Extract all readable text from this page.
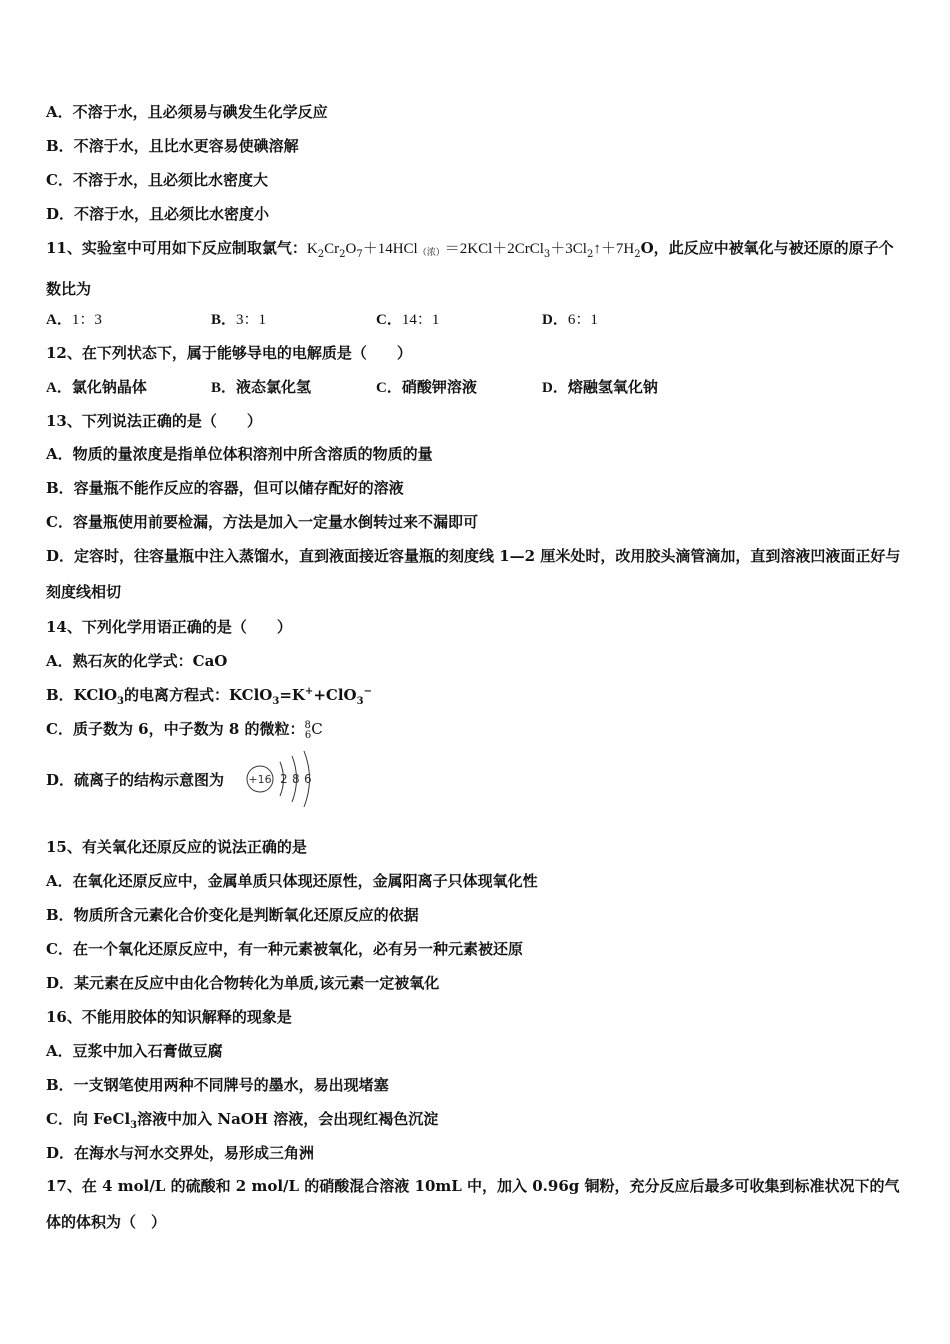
A．不溶于水，且必须易与碘发生化学反应
B．不溶于水，且比水更容易使碘溶解
C．不溶于水，且必须比水密度大
D．不溶于水，且必须比水密度小
11、实验室中可用如下反应制取氯气：$K_2Cr_2O_7+14HCl$（浓）$=2KCl+2CrCl_3+3Cl_2↑+7H_2O$，此反应中被氧化与被还原的原子个数比为
A．1：3	B．3：1	C．14：1	D．6：1
12、在下列状态下，属于能够导电的电解质是（　　）
A．氯化钠晶体	B．液态氯化氢	C．硝酸钾溶液	D．熔融氢氧化钠
13、下列说法正确的是（　　）
A．物质的量浓度是指单位体积溶剂中所含溶质的物质的量
B．容量瓶不能作反应的容器，但可以储存配好的溶液
C．容量瓶使用前要检漏，方法是加入一定量水倒转过来不漏即可
D．定容时，往容量瓶中注入蒸馏水，直到液面接近容量瓶的刻度线 1—2 厘米处时，改用胶头滴管滴加，直到溶液凹液面正好与刻度线相切
14、下列化学用语正确的是（　　）
A．熟石灰的化学式：CaO
B．KClO$_3$的电离方程式：KClO$_3$=K++ClO$_3$−
C．质子数为 6，中子数为 8 的微粒：$^8_6$C
D．硫离子的结构示意图为 +16 2 8 6
15、有关氧化还原反应的说法正确的是
A．在氧化还原反应中，金属单质只体现还原性，金属阳离子只体现氧化性
B．物质所含元素化合价变化是判断氧化还原反应的依据
C．在一个氧化还原反应中，有一种元素被氧化，必有另一种元素被还原
D．某元素在反应中由化合物转化为单质,该元素一定被氧化
16、不能用胶体的知识解释的现象是
A．豆浆中加入石膏做豆腐
B．一支钢笔使用两种不同牌号的墨水，易出现堵塞
C．向 FeCl$_3$溶液中加入 NaOH 溶液，会出现红褐色沉淀
D．在海水与河水交界处，易形成三角洲
17、在 4 mol/L 的硫酸和 2 mol/L 的硝酸混合溶液 10mL 中，加入 0.96g 铜粉，充分反应后最多可收集到标准状况下的气体的体积为（　）
